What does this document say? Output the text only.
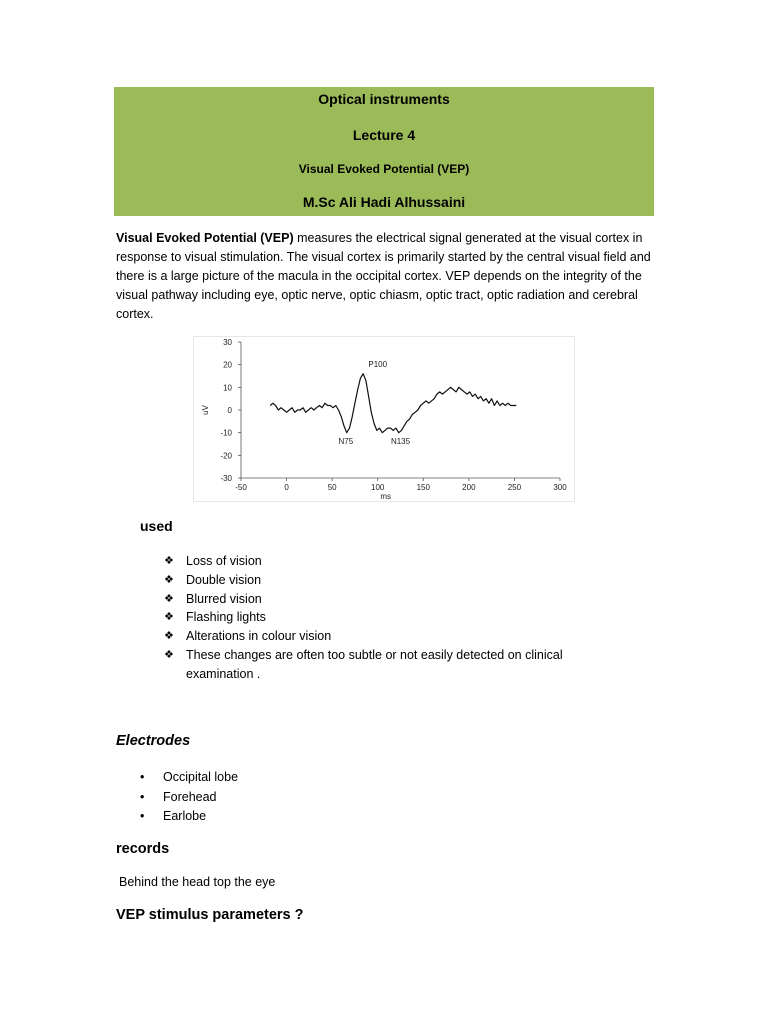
Optical instruments
Lecture 4
Visual Evoked Potential (VEP)
M.Sc Ali Hadi Alhussaini
Visual Evoked Potential (VEP) measures the electrical signal generated at the visual cortex in response to visual stimulation. The visual cortex is primarily started by the central visual field and there is a large picture of the macula in the occipital cortex. VEP depends on the integrity of the visual pathway including eye, optic nerve, optic chiasm, optic tract, optic radiation and cerebral cortex.
30
20
10
0
-10
-20
-30
-50	0	50	100	150	200	250	300
ms
uV
P100
N75	N135
used
❖ Loss of vision
❖ Double vision
❖ Blurred vision
❖ Flashing lights
❖ Alterations in colour vision
❖ These changes are often too subtle or not easily detected on clinical examination .
Electrodes
• Occipital lobe
• Forehead
• Earlobe
records
Behind the head top the eye
VEP stimulus parameters ?
